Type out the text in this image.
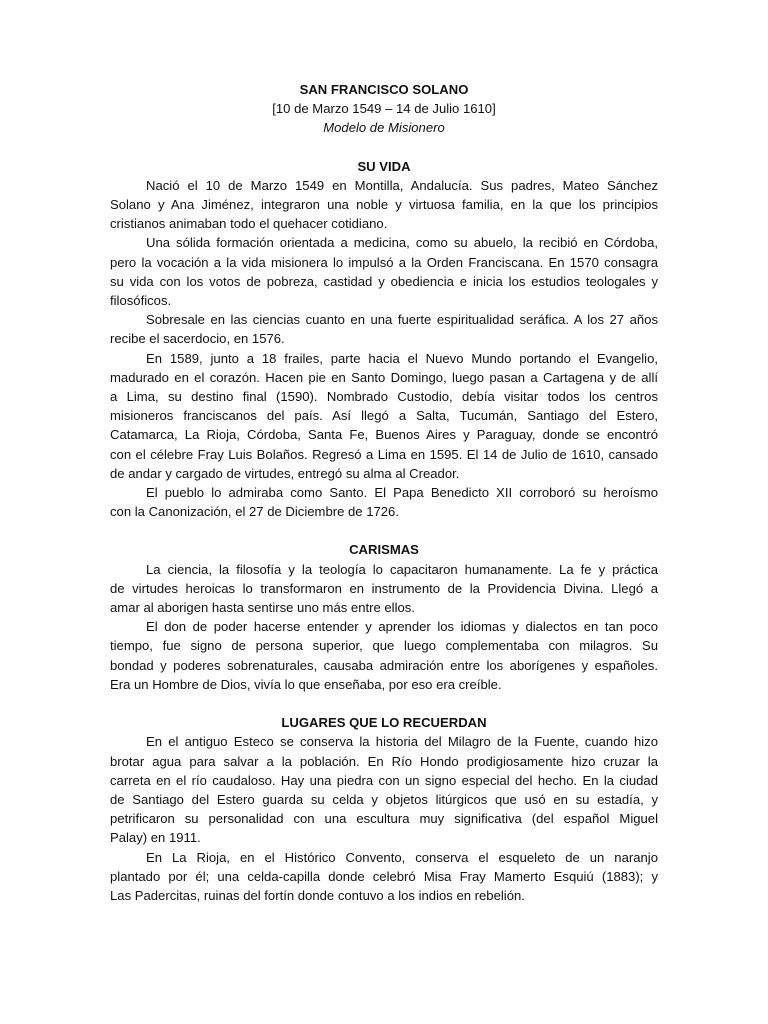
SAN FRANCISCO SOLANO
[10 de Marzo 1549 – 14 de Julio 1610]
Modelo de Misionero
SU VIDA
Nació el 10 de Marzo 1549 en Montilla, Andalucía. Sus padres, Mateo Sánchez
Solano y Ana Jiménez, integraron una noble y virtuosa familia, en la que los principios
cristianos animaban todo el quehacer cotidiano.
Una sólida formación orientada a medicina, como su abuelo, la recibió en Córdoba,
pero la vocación a la vida misionera lo impulsó a la Orden Franciscana. En 1570 consagra
su vida con los votos de pobreza, castidad y obediencia e inicia los estudios teologales y
filosóficos.
Sobresale en las ciencias cuanto en una fuerte espiritualidad seráfica. A los 27 años
recibe el sacerdocio, en 1576.
En 1589, junto a 18 frailes, parte hacia el Nuevo Mundo portando el Evangelio,
madurado en el corazón. Hacen pie en Santo Domingo, luego pasan a Cartagena y de allí
a Lima, su destino final (1590). Nombrado Custodio, debía visitar todos los centros
misioneros franciscanos del país. Así llegó a Salta, Tucumán, Santiago del Estero,
Catamarca, La Rioja, Córdoba, Santa Fe, Buenos Aires y Paraguay, donde se encontró
con el célebre Fray Luis Bolaños. Regresó a Lima en 1595. El 14 de Julio de 1610, cansado
de andar y cargado de virtudes, entregó su alma al Creador.
El pueblo lo admiraba como Santo. El Papa Benedicto XII corroboró su heroísmo
con la Canonización, el 27 de Diciembre de 1726.
CARISMAS
La ciencia, la filosofía y la teología lo capacitaron humanamente. La fe y práctica
de virtudes heroicas lo transformaron en instrumento de la Providencia Divina. Llegó a
amar al aborigen hasta sentirse uno más entre ellos.
El don de poder hacerse entender y aprender los idiomas y dialectos en tan poco
tiempo, fue signo de persona superior, que luego complementaba con milagros. Su
bondad y poderes sobrenaturales, causaba admiración entre los aborígenes y españoles.
Era un Hombre de Dios, vivía lo que enseñaba, por eso era creíble.
LUGARES QUE LO RECUERDAN
En el antiguo Esteco se conserva la historia del Milagro de la Fuente, cuando hizo
brotar agua para salvar a la población. En Río Hondo prodigiosamente hizo cruzar la
carreta en el río caudaloso. Hay una piedra con un signo especial del hecho. En la ciudad
de Santiago del Estero guarda su celda y objetos litúrgicos que usó en su estadía, y
petrificaron su personalidad con una escultura muy significativa (del español Miguel
Palay) en 1911.
En La Rioja, en el Histórico Convento, conserva el esqueleto de un naranjo
plantado por él; una celda-capilla donde celebró Misa Fray Mamerto Esquiú (1883); y
Las Padercitas, ruinas del fortín donde contuvo a los indios en rebelión.
